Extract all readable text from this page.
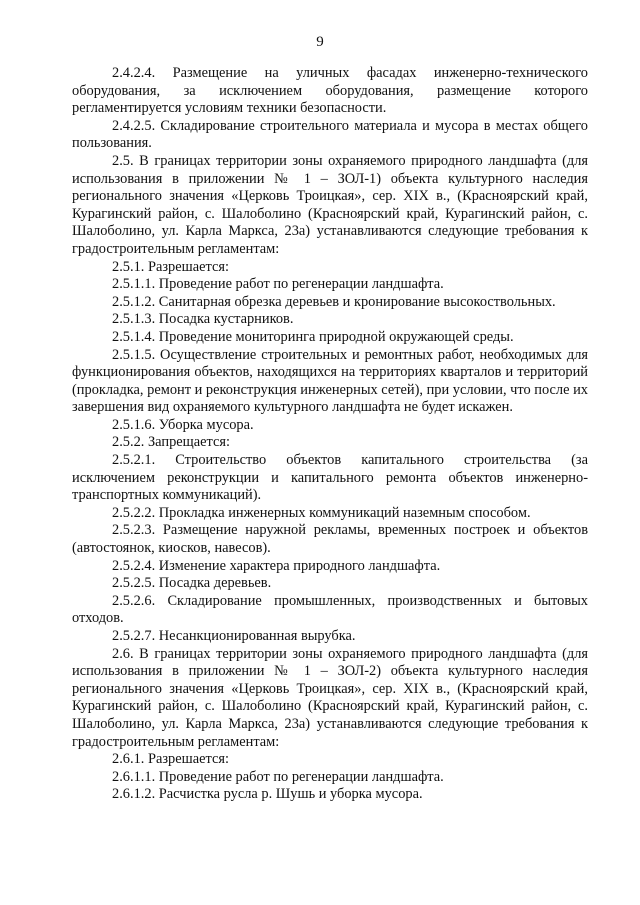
9

2.4.2.4. Размещение на уличных фасадах инженерно-технического оборудования, за исключением оборудования, размещение которого регламентируется условиям техники безопасности.

2.4.2.5. Складирование строительного материала и мусора в местах общего пользования.

2.5. В границах территории зоны охраняемого природного ландшафта (для использования в приложении № 1 – ЗОЛ-1) объекта культурного наследия регионального значения «Церковь Троицкая», сер. XIX в., (Красноярский край, Курагинский район, с. Шалоболино (Красноярский край, Курагинский район, с. Шалоболино, ул. Карла Маркса, 23а) устанавливаются следующие требования к градостроительным регламентам:

2.5.1. Разрешается:

2.5.1.1. Проведение работ по регенерации ландшафта.

2.5.1.2. Санитарная обрезка деревьев и кронирование высокоствольных.

2.5.1.3. Посадка кустарников.

2.5.1.4. Проведение мониторинга природной окружающей среды.

2.5.1.5. Осуществление строительных и ремонтных работ, необходимых для функционирования объектов, находящихся на территориях кварталов и территорий (прокладка, ремонт и реконструкция инженерных сетей), при условии, что после их завершения вид охраняемого культурного ландшафта не будет искажен.

2.5.1.6. Уборка мусора.

2.5.2. Запрещается:

2.5.2.1. Строительство объектов капитального строительства (за исключением реконструкции и капитального ремонта объектов инженерно-транспортных коммуникаций).

2.5.2.2. Прокладка инженерных коммуникаций наземным способом.

2.5.2.3. Размещение наружной рекламы, временных построек и объектов (автостоянок, киосков, навесов).

2.5.2.4. Изменение характера природного ландшафта.

2.5.2.5. Посадка деревьев.

2.5.2.6. Складирование промышленных, производственных и бытовых отходов.

2.5.2.7. Несанкционированная вырубка.

2.6. В границах территории зоны охраняемого природного ландшафта (для использования в приложении № 1 – ЗОЛ-2) объекта культурного наследия регионального значения «Церковь Троицкая», сер. XIX в., (Красноярский край, Курагинский район, с. Шалоболино (Красноярский край, Курагинский район, с. Шалоболино, ул. Карла Маркса, 23а) устанавливаются следующие требования к градостроительным регламентам:

2.6.1. Разрешается:

2.6.1.1. Проведение работ по регенерации ландшафта.

2.6.1.2. Расчистка русла р. Шушь и уборка мусора.
